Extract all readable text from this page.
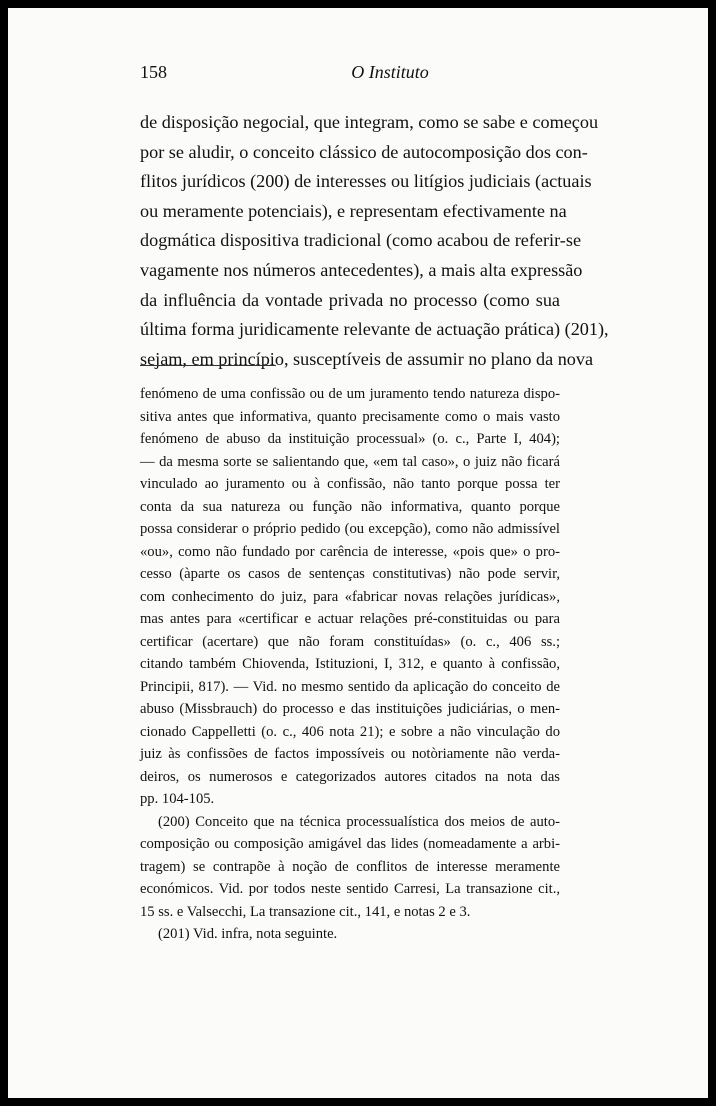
158	O Instituto
de disposição negocial, que integram, como se sabe e começou
por se aludir, o conceito clássico de autocomposição dos con-
flitos jurídicos (200) de interesses ou litígios judiciais (actuais
ou meramente potenciais), e representam efectivamente na
dogmática dispositiva tradicional (como acabou de referir-se
vagamente nos números antecedentes), a mais alta expressão
da influência da vontade privada no processo (como sua
última forma juridicamente relevante de actuação prática) (201),
sejam, em princípio, susceptíveis de assumir no plano da nova
fenómeno de uma confissão ou de um juramento tendo natureza dispo-
sitiva antes que informativa, quanto precisamente como o mais vasto
fenómeno de abuso da instituição processual» (o. c., Parte I, 404);
— da mesma sorte se salientando que, «em tal caso», o juiz não ficará
vinculado ao juramento ou à confissão, não tanto porque possa ter
conta da sua natureza ou função não informativa, quanto porque
possa considerar o próprio pedido (ou excepção), como não admissível
«ou», como não fundado por carência de interesse, «pois que» o pro-
cesso (àparte os casos de sentenças constitutivas) não pode servir,
com conhecimento do juiz, para «fabricar novas relações jurídicas»,
mas antes para «certificar e actuar relações pré-constituidas ou para
certificar (acertare) que não foram constituídas» (o. c., 406 ss.;
citando também Chiovenda, Istituzioni, I, 312, e quanto à confissão,
Principii, 817). — Vid. no mesmo sentido da aplicação do conceito de
abuso (Missbrauch) do processo e das instituições judiciárias, o men-
cionado Cappelletti (o. c., 406 nota 21); e sobre a não vinculação do
juiz às confissões de factos impossíveis ou notòriamente não verda-
deiros, os numerosos e categorizados autores citados na nota das
pp. 104-105.
(200) Conceito que na técnica processualística dos meios de auto-
composição ou composição amigável das lides (nomeadamente a arbi-
tragem) se contrapõe à noção de conflitos de interesse meramente
económicos. Vid. por todos neste sentido Carresi, La transazione cit.,
15 ss. e Valsecchi, La transazione cit., 141, e notas 2 e 3.
(201) Vid. infra, nota seguinte.
